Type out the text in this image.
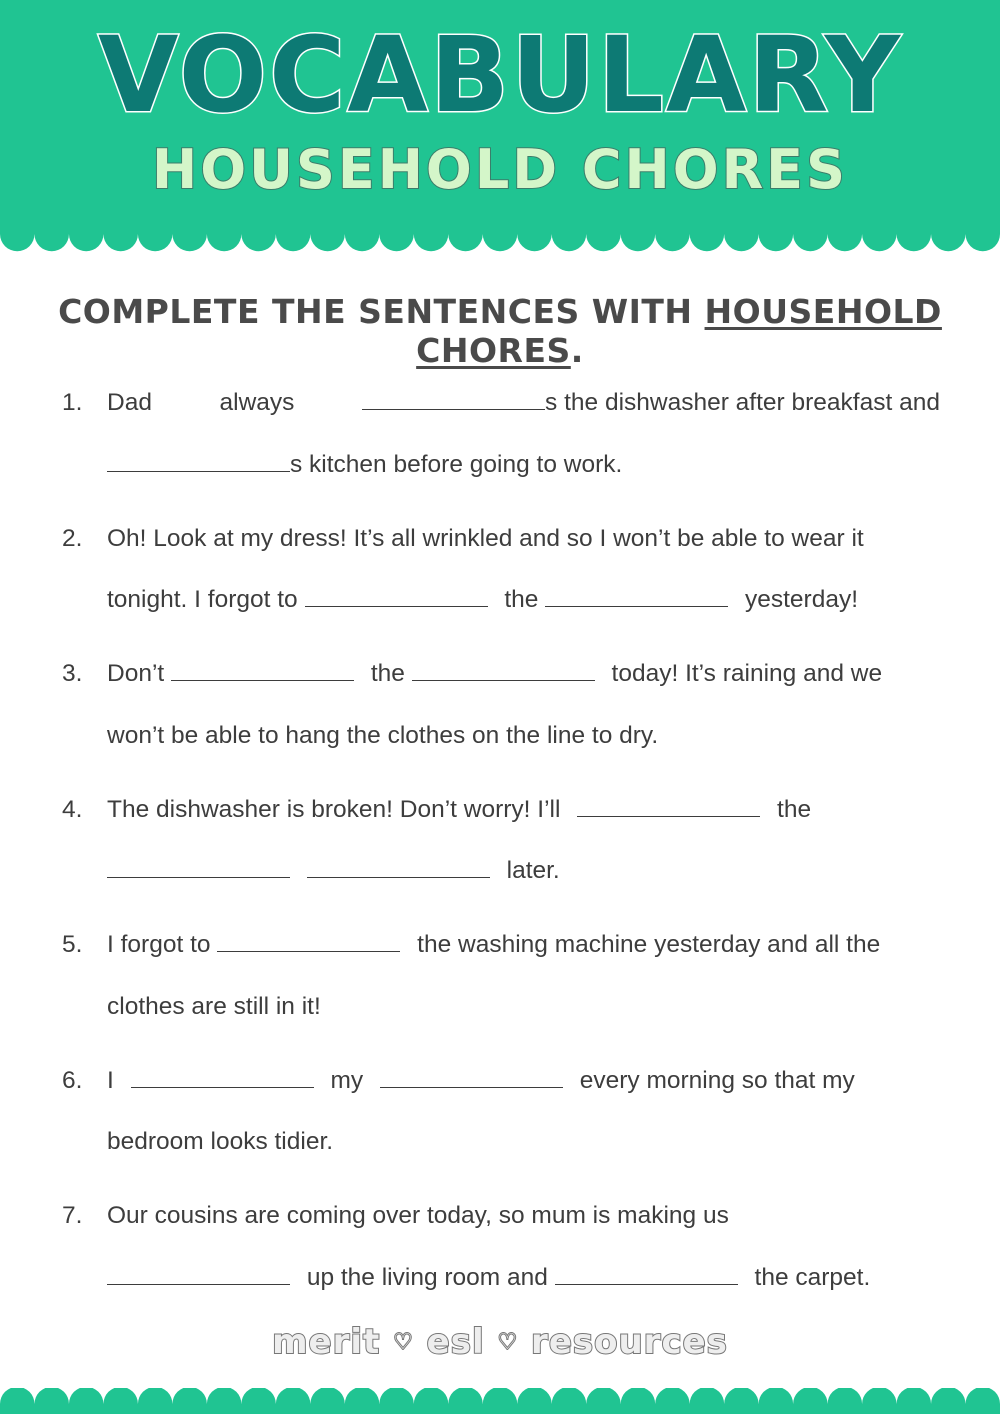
VOCABULARY
HOUSEHOLD CHORES
COMPLETE THE SENTENCES WITH HOUSEHOLD CHORES.
1. Dad	always	s the dishwasher after breakfast and
s kitchen before going to work.
2. Oh! Look at my dress! It’s all wrinkled and so I won’t be able to wear it
tonight. I forgot to	the	yesterday!
3. Don’t	the	today! It’s raining and we
won’t be able to hang the clothes on the line to dry.
4. The dishwasher is broken! Don’t worry! I’ll	the
later.
5. I forgot to	the washing machine yesterday and all the
clothes are still in it!
6. I	my	every morning so that my
bedroom looks tidier.
7. Our cousins are coming over today, so mum is making us
up the living room and	the carpet.
merit ♡ esl ♡ resources
